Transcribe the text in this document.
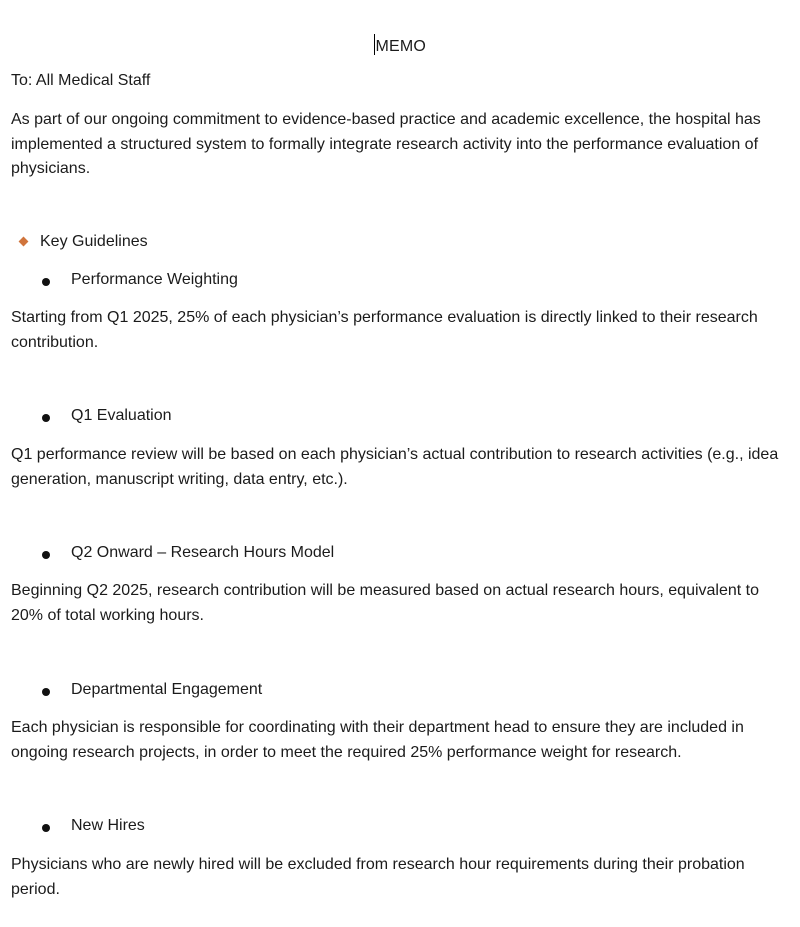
MEMO
To: All Medical Staff
As part of our ongoing commitment to evidence-based practice and academic excellence, the hospital has implemented a structured system to formally integrate research activity into the performance evaluation of physicians.
Key Guidelines
Performance Weighting
Starting from Q1 2025, 25% of each physician’s performance evaluation is directly linked to their research contribution.
Q1 Evaluation
Q1 performance review will be based on each physician’s actual contribution to research activities (e.g., idea generation, manuscript writing, data entry, etc.).
Q2 Onward – Research Hours Model
Beginning Q2 2025, research contribution will be measured based on actual research hours, equivalent to 20% of total working hours.
Departmental Engagement
Each physician is responsible for coordinating with their department head to ensure they are included in ongoing research projects, in order to meet the required 25% performance weight for research.
New Hires
Physicians who are newly hired will be excluded from research hour requirements during their probation period.
